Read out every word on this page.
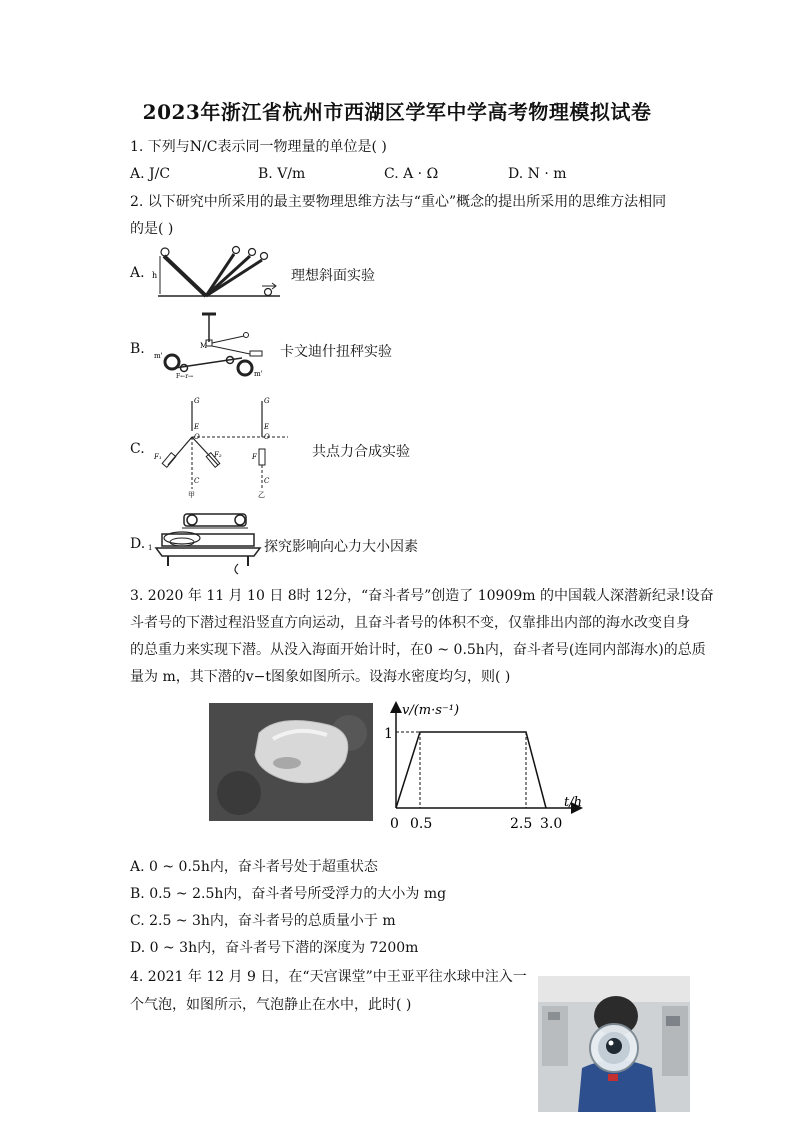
2023年浙江省杭州市西湖区学军中学高考物理模拟试卷
1. 下列与N/C表示同一物理量的单位是( )
A. J/C	B. V/m	C. A · Ω	D. N · m
2. 以下研究中所采用的最主要物理思维方法与“重心”概念的提出所采用的思维方法相同
的是( )
A. h	理想斜面实验
B.	M
m'
m'
F←r→
卡文迪什扭秤实验
C.
G
E
O
F₁	F₂
C
甲
G
E
O
F
C
乙
共点力合成实验
D. 1	探究影响向心力大小因素
3. 2020 年 11 月 10 日 8时 12分，“奋斗者号”创造了 10909m 的中国载人深潜新纪录!设奋
斗者号的下潜过程沿竖直方向运动，且奋斗者号的体积不变，仅靠排出内部的海水改变自身
的总重力来实现下潜。从没入海面开始计时，在0 ~ 0.5h内，奋斗者号(连同内部海水)的总质
量为 m，其下潜的v−t图象如图所示。设海水密度均匀，则( )
v/(m·s⁻¹)
t/h
1
0 0.5	2.5 3.0
A. 0 ~ 0.5h内，奋斗者号处于超重状态
B. 0.5 ~ 2.5h内，奋斗者号所受浮力的大小为 mg
C. 2.5 ~ 3h内，奋斗者号的总质量小于 m
D. 0 ~ 3h内，奋斗者号下潜的深度为 7200m
4. 2021 年 12 月 9 日，在“天宫课堂”中王亚平往水球中注入一
个气泡，如图所示，气泡静止在水中，此时( )
